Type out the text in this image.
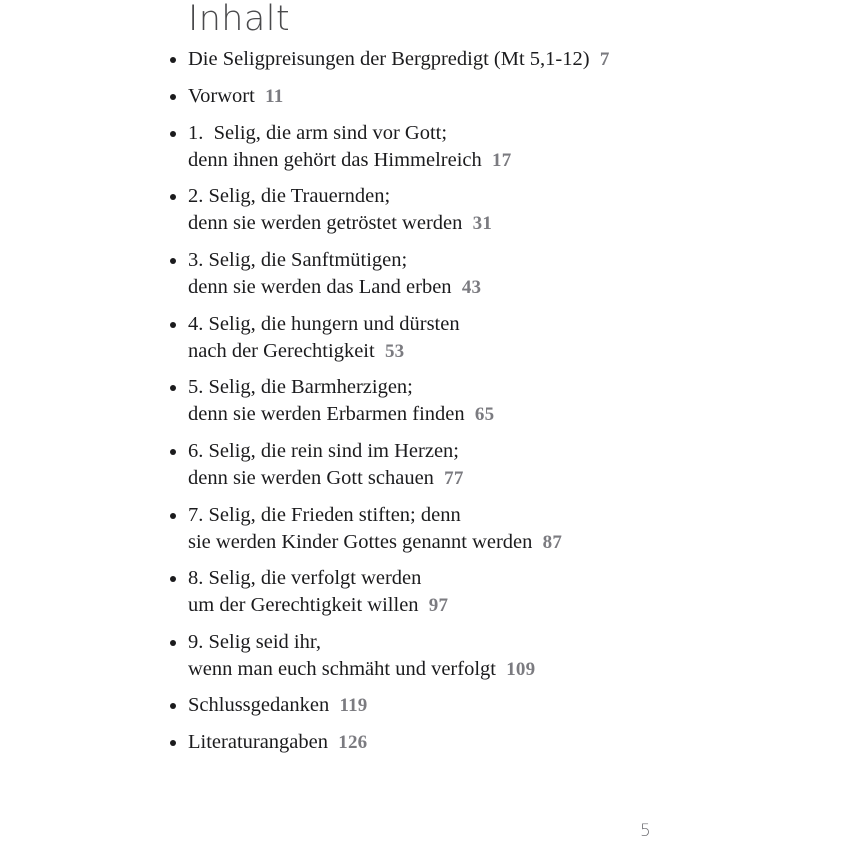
Inhalt
5
• Die Seligpreisungen der Bergpredigt (Mt 5,1-12)  7
• Vorwort  11
• 1.  Selig, die arm sind vor Gott;
denn ihnen gehört das Himmelreich  17
• 2. Selig, die Trauernden;
denn sie werden getröstet werden  31
• 3. Selig, die Sanftmütigen;
denn sie werden das Land erben  43
• 4. Selig, die hungern und dürsten
nach der Gerechtigkeit  53
• 5. Selig, die Barmherzigen;
denn sie werden Erbarmen finden  65
• 6. Selig, die rein sind im Herzen;
denn sie werden Gott schauen  77
• 7. Selig, die Frieden stiften; denn
sie werden Kinder Gottes genannt werden  87
• 8. Selig, die verfolgt werden
um der Gerechtigkeit willen  97
• 9. Selig seid ihr,
wenn man euch schmäht und verfolgt  109
• Schlussgedanken  119
• Literaturangaben  126
